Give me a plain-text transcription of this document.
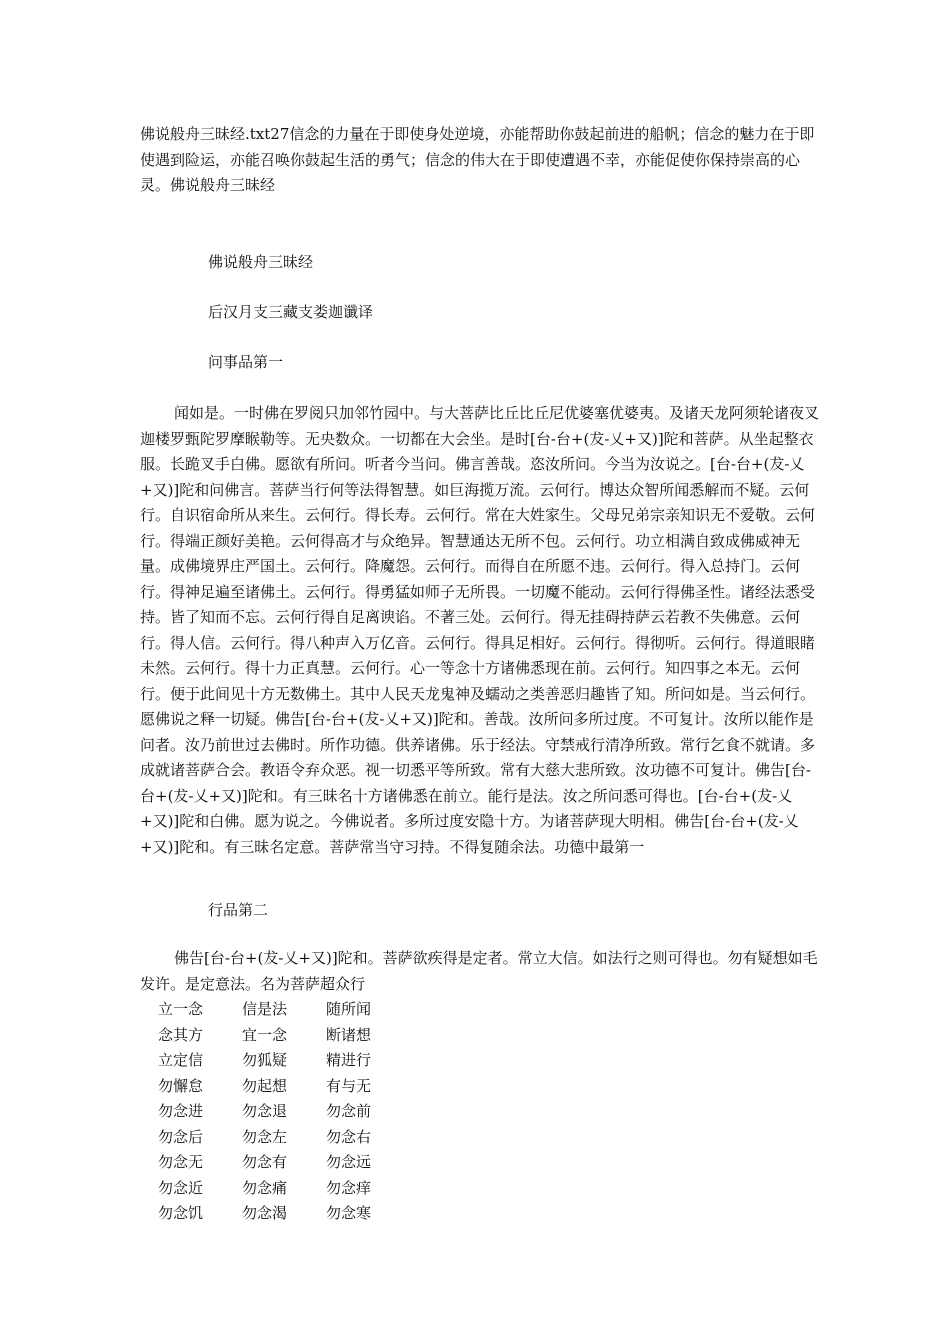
佛说般舟三昧经.txt27信念的力量在于即使身处逆境，亦能帮助你鼓起前进的船帆；信念的魅力在于即使遇到险运，亦能召唤你鼓起生活的勇气；信念的伟大在于即使遭遇不幸，亦能促使你保持崇高的心灵。佛说般舟三昧经

佛说般舟三昧经

后汉月支三藏支娄迦谶译

问事品第一

闻如是。一时佛在罗阅只加邻竹园中。与大菩萨比丘比丘尼优婆塞优婆夷。及诸天龙阿须轮诸夜叉迦楼罗甄陀罗摩睺勒等。无央数众。一切都在大会坐。是时[台-台+(犮-乂+又)]陀和菩萨。从坐起整衣服。长跪叉手白佛。愿欲有所问。听者今当问。佛言善哉。恣汝所问。今当为汝说之。[台-台+(犮-乂+又)]陀和问佛言。菩萨当行何等法得智慧。如巨海揽万流。云何行。博达众智所闻悉解而不疑。云何行。自识宿命所从来生。云何行。得长寿。云何行。常在大姓家生。父母兄弟宗亲知识无不爱敬。云何行。得端正颜好美艳。云何得高才与众绝异。智慧通达无所不包。云何行。功立相满自致成佛威神无量。成佛境界庄严国土。云何行。降魔怨。云何行。而得自在所愿不违。云何行。得入总持门。云何行。得神足遍至诸佛土。云何行。得勇猛如师子无所畏。一切魔不能动。云何行得佛圣性。诸经法悉受持。皆了知而不忘。云何行得自足离谀谄。不著三处。云何行。得无挂碍持萨云若教不失佛意。云何行。得人信。云何行。得八种声入万亿音。云何行。得具足相好。云何行。得彻听。云何行。得道眼睹未然。云何行。得十力正真慧。云何行。心一等念十方诸佛悉现在前。云何行。知四事之本无。云何行。便于此间见十方无数佛土。其中人民天龙鬼神及蠕动之类善恶归趣皆了知。所问如是。当云何行。愿佛说之释一切疑。佛告[台-台+(犮-乂+又)]陀和。善哉。汝所问多所过度。不可复计。汝所以能作是问者。汝乃前世过去佛时。所作功德。供养诸佛。乐于经法。守禁戒行清净所致。常行乞食不就请。多成就诸菩萨合会。教语令弃众恶。视一切悉平等所致。常有大慈大悲所致。汝功德不可复计。佛告[台-台+(犮-乂+又)]陀和。有三昧名十方诸佛悉在前立。能行是法。汝之所问悉可得也。[台-台+(犮-乂+又)]陀和白佛。愿为说之。今佛说者。多所过度安隐十方。为诸菩萨现大明相。佛告[台-台+(犮-乂+又)]陀和。有三昧名定意。菩萨常当守习持。不得复随余法。功德中最第一

行品第二

佛告[台-台+(犮-乂+又)]陀和。菩萨欲疾得是定者。常立大信。如法行之则可得也。勿有疑想如毛发许。是定意法。名为菩萨超众行

立一念	信是法	随所闻
念其方	宜一念	断诸想
立定信	勿狐疑	精进行
勿懈怠	勿起想	有与无
勿念进	勿念退	勿念前
勿念后	勿念左	勿念右
勿念无	勿念有	勿念远
勿念近	勿念痛	勿念痒
勿念饥	勿念渴	勿念寒
